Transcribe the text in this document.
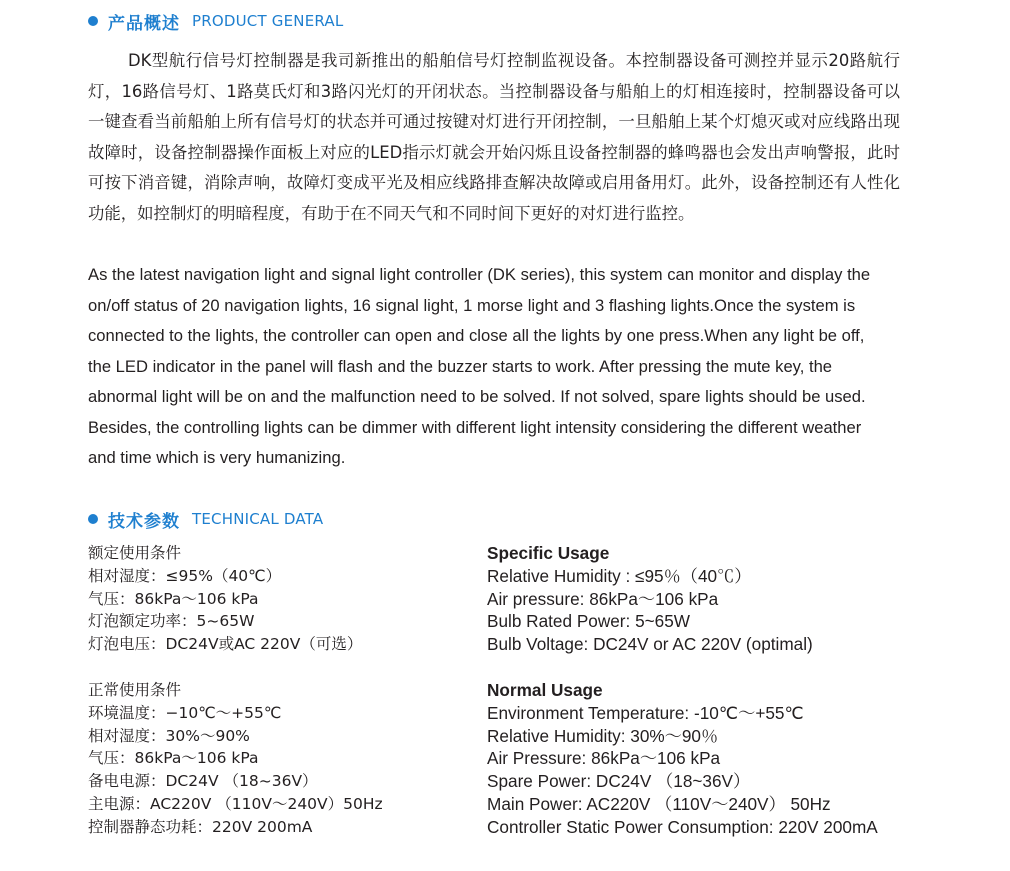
产品概述 PRODUCT GENERAL

DK型航行信号灯控制器是我司新推出的船舶信号灯控制监视设备。本控制器设备可测控并显示20路航行灯，16路信号灯、1路莫氏灯和3路闪光灯的开闭状态。当控制器设备与船舶上的灯相连接时，控制器设备可以一键查看当前船舶上所有信号灯的状态并可通过按键对灯进行开闭控制，一旦船舶上某个灯熄灭或对应线路出现故障时，设备控制器操作面板上对应的LED指示灯就会开始闪烁且设备控制器的蜂鸣器也会发出声响警报，此时可按下消音键，消除声响，故障灯变成平光及相应线路排查解决故障或启用备用灯。此外，设备控制还有人性化功能，如控制灯的明暗程度，有助于在不同天气和不同时间下更好的对灯进行监控。

As the latest navigation light and signal light controller (DK series), this system can monitor and display the on/off status of 20 navigation lights, 16 signal light, 1 morse light and 3 flashing lights.Once the system is connected to the lights, the controller can open and close all the lights by one press.When any light be off, the LED indicator in the panel will flash and the buzzer starts to work. After pressing the mute key, the abnormal light will be on and the malfunction need to be solved. If not solved, spare lights should be used. Besides, the controlling lights can be dimmer with different light intensity considering the different weather and time which is very humanizing.

技术参数 TECHNICAL DATA
额定使用条件
相对湿度：≤95%（40℃）
气压：86kPa～106 kPa
灯泡额定功率：5~65W
灯泡电压：DC24V或AC 220V（可选）
正常使用条件
环境温度：−10℃～+55℃
相对湿度：30%～90%
气压：86kPa～106 kPa
备电电源：DC24V （18~36V）
主电源：AC220V （110V～240V）50Hz
控制器静态功耗：220V 200mA
Specific Usage
Relative Humidity : ≤95％（40℃）
Air pressure: 86kPa～106 kPa
Bulb Rated Power: 5~65W
Bulb Voltage: DC24V or AC 220V (optimal)
Normal Usage
Environment Temperature: -10℃～+55℃
Relative Humidity: 30%～90％
Air Pressure: 86kPa～106 kPa
Spare Power: DC24V （18~36V）
Main Power: AC220V （110V～240V） 50Hz
Controller Static Power Consumption: 220V 200mA
